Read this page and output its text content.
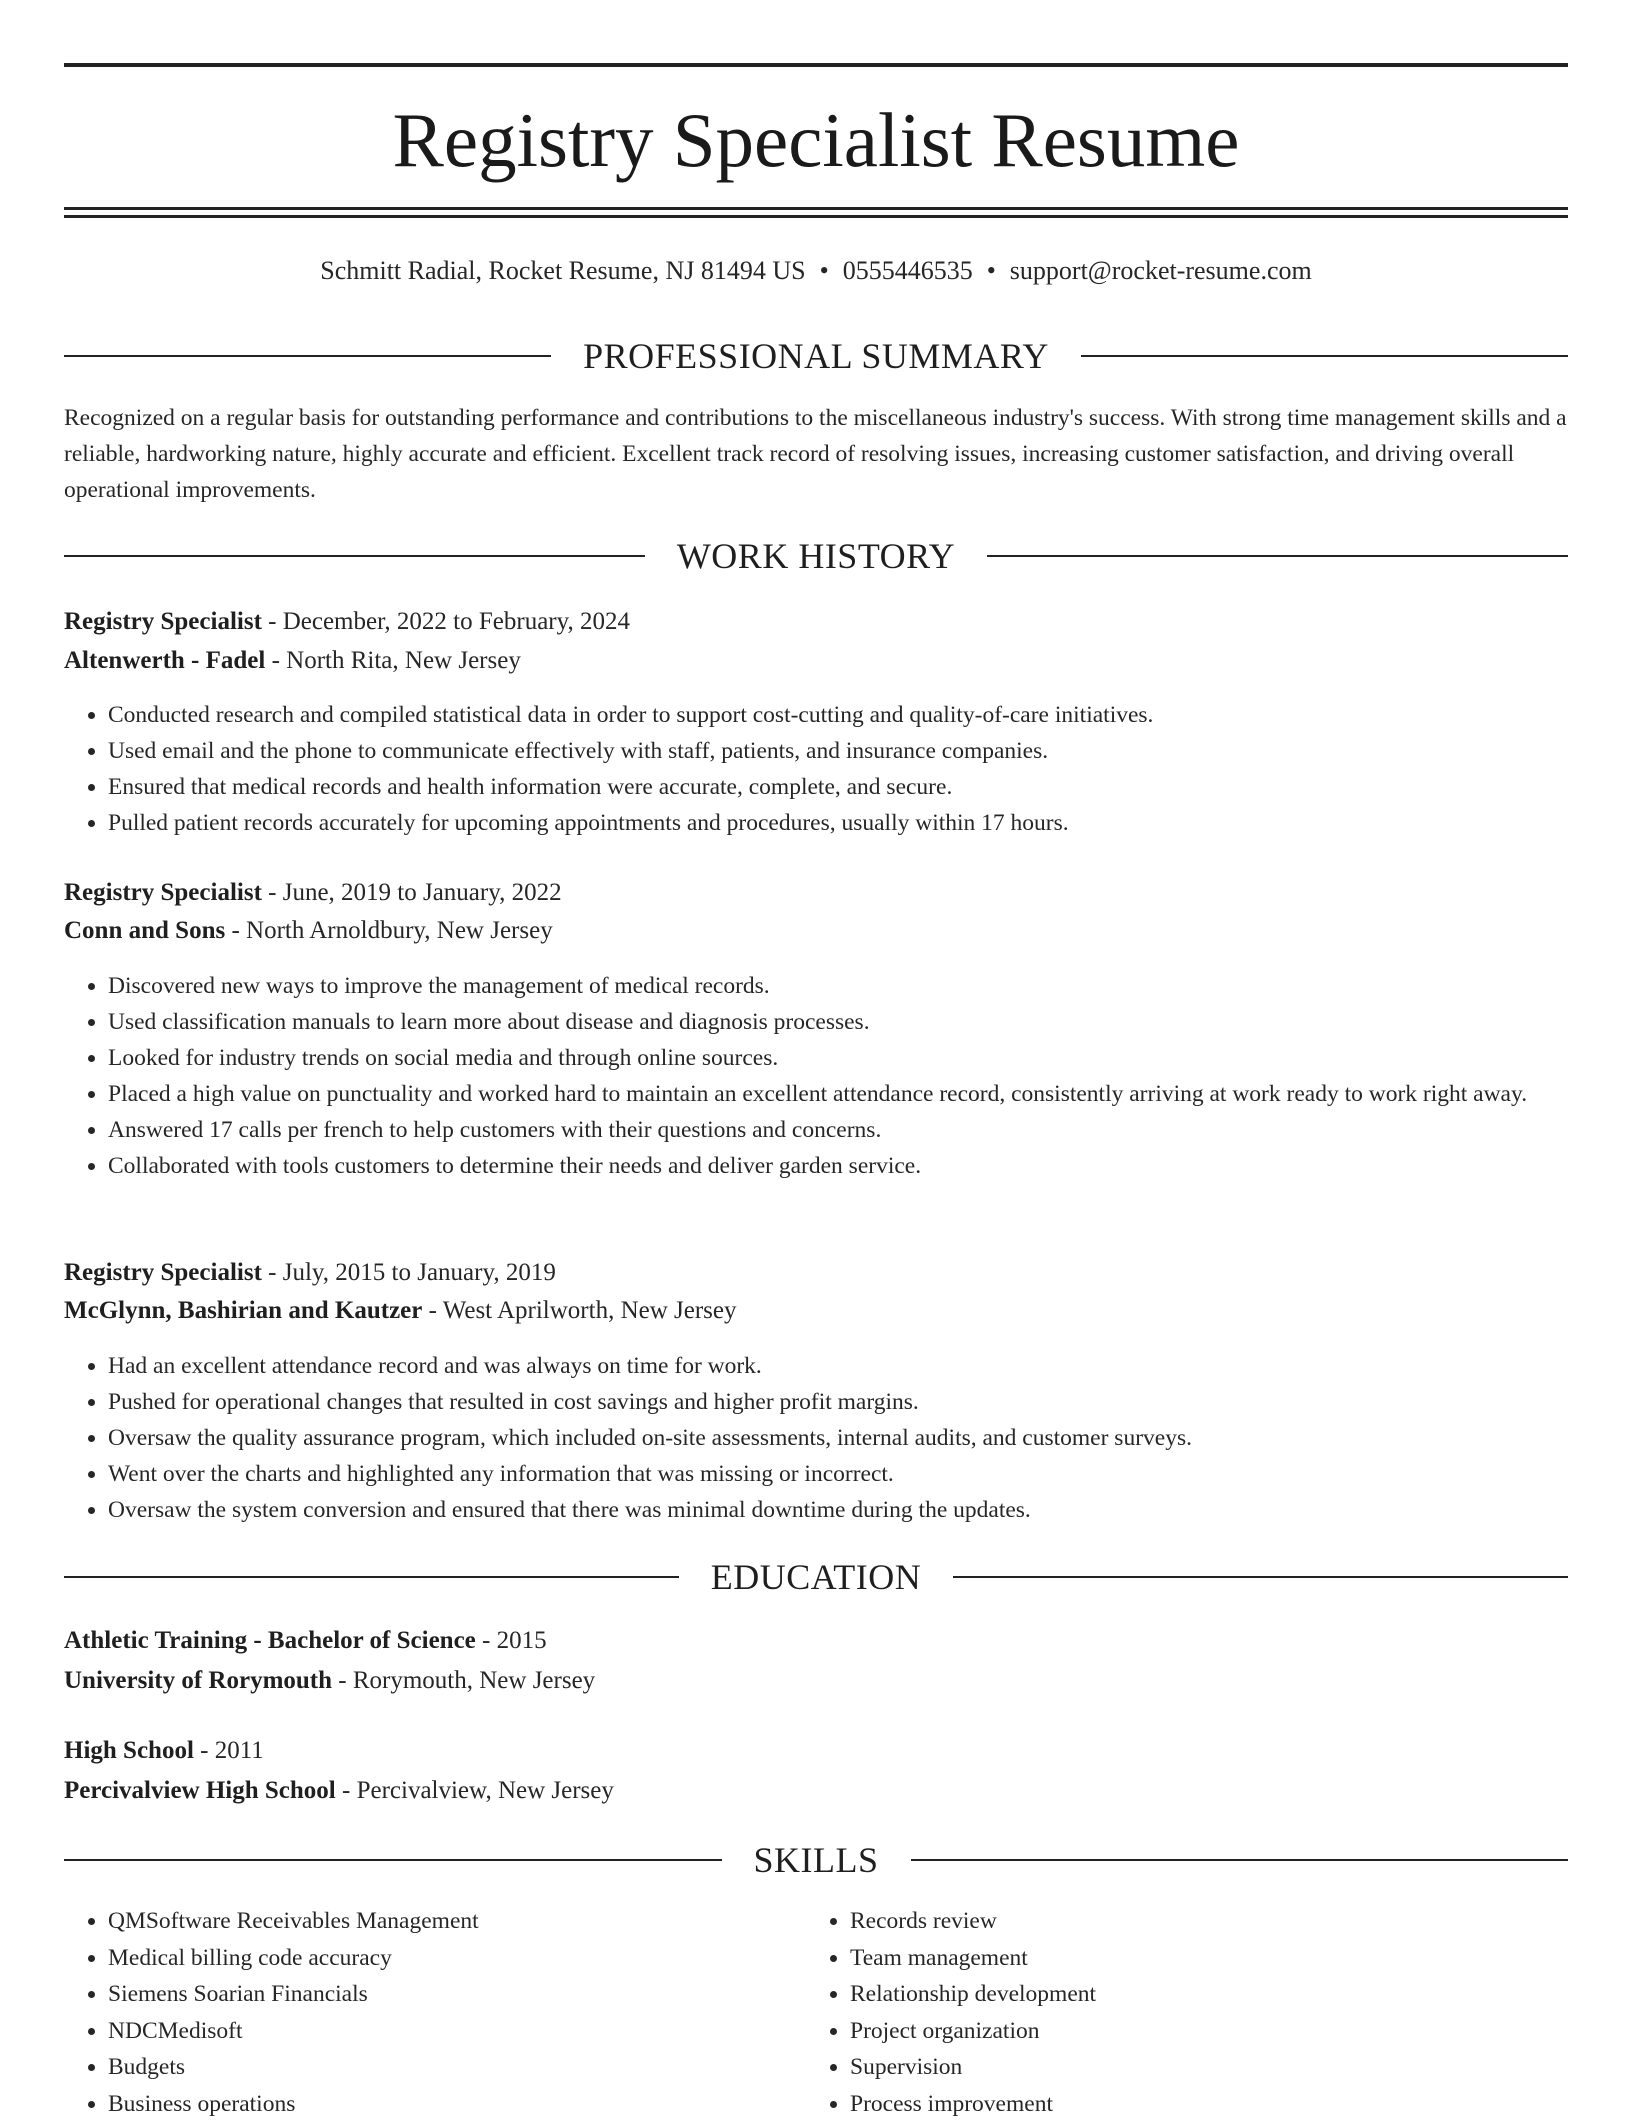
Registry Specialist Resume
Schmitt Radial, Rocket Resume, NJ 81494 US • 0555446535 • support@rocket-resume.com
PROFESSIONAL SUMMARY

Recognized on a regular basis for outstanding performance and contributions to the miscellaneous industry's success. With strong time management skills and a reliable, hardworking nature, highly accurate and efficient. Excellent track record of resolving issues, increasing customer satisfaction, and driving overall operational improvements.

WORK HISTORY
Registry Specialist - December, 2022 to February, 2024
Altenwerth - Fadel - North Rita, New Jersey
• Conducted research and compiled statistical data in order to support cost-cutting and quality-of-care initiatives.
• Used email and the phone to communicate effectively with staff, patients, and insurance companies.
• Ensured that medical records and health information were accurate, complete, and secure.
• Pulled patient records accurately for upcoming appointments and procedures, usually within 17 hours.
Registry Specialist - June, 2019 to January, 2022
Conn and Sons - North Arnoldbury, New Jersey
• Discovered new ways to improve the management of medical records.
• Used classification manuals to learn more about disease and diagnosis processes.
• Looked for industry trends on social media and through online sources.
• Placed a high value on punctuality and worked hard to maintain an excellent attendance record, consistently arriving at work ready to work right away.
• Answered 17 calls per french to help customers with their questions and concerns.
• Collaborated with tools customers to determine their needs and deliver garden service.
Registry Specialist - July, 2015 to January, 2019
McGlynn, Bashirian and Kautzer - West Aprilworth, New Jersey
• Had an excellent attendance record and was always on time for work.
• Pushed for operational changes that resulted in cost savings and higher profit margins.
• Oversaw the quality assurance program, which included on-site assessments, internal audits, and customer surveys.
• Went over the charts and highlighted any information that was missing or incorrect.
• Oversaw the system conversion and ensured that there was minimal downtime during the updates.
EDUCATION
Athletic Training - Bachelor of Science - 2015
University of Rorymouth - Rorymouth, New Jersey
High School - 2011
Percivalview High School - Percivalview, New Jersey
SKILLS
• QMSoftware Receivables Management
• Medical billing code accuracy
• Siemens Soarian Financials
• NDCMedisoft
• Budgets
• Business operations
• Records review
• Team management
• Relationship development
• Project organization
• Supervision
• Process improvement
